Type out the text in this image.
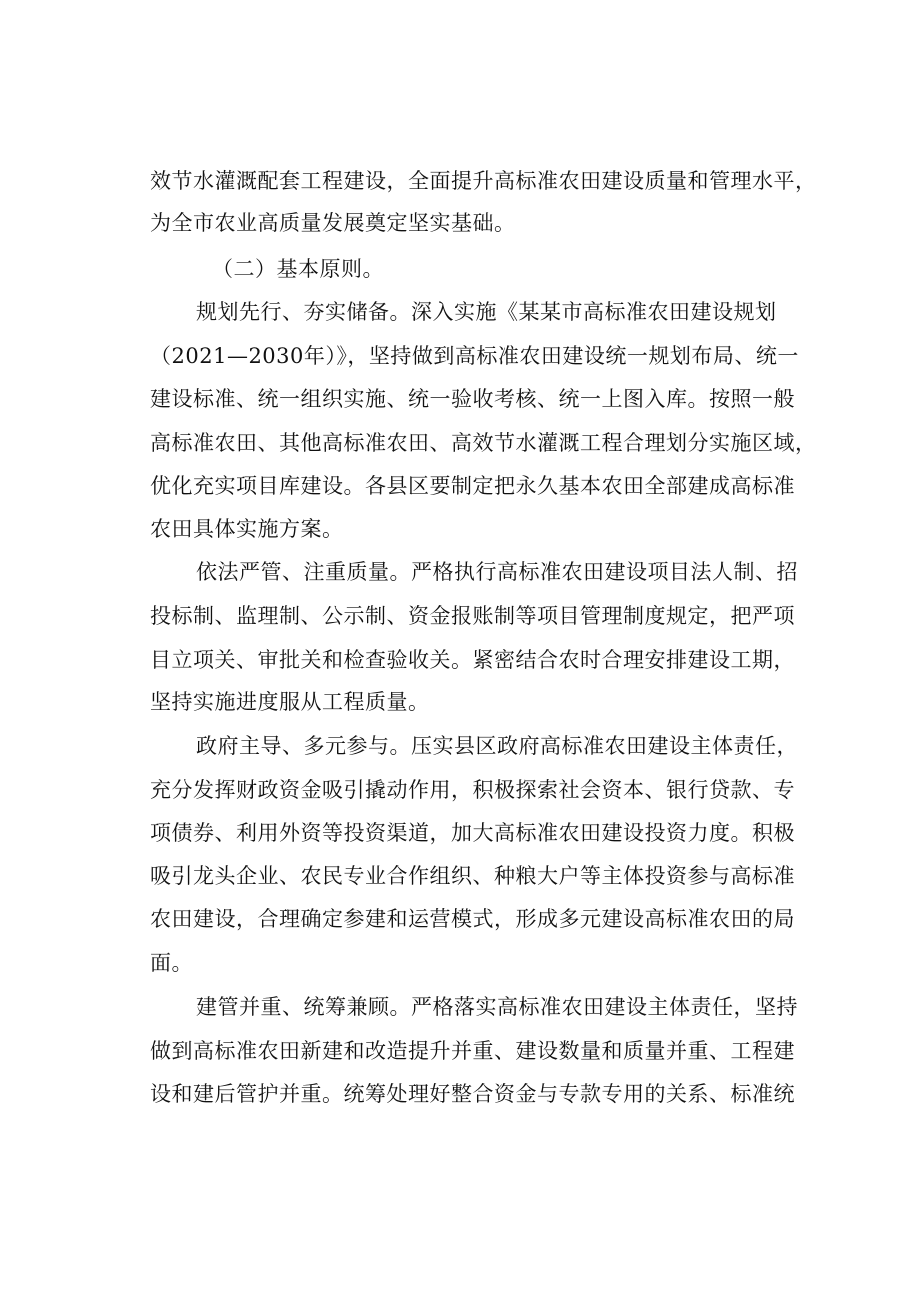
效节水灌溉配套工程建设，全面提升高标准农田建设质量和管理水平，
为全市农业高质量发展奠定坚实基础。
（二）基本原则。
规划先行、夯实储备。深入实施《某某市高标准农田建设规划
（2021—2030年）》，坚持做到高标准农田建设统一规划布局、统一
建设标准、统一组织实施、统一验收考核、统一上图入库。按照一般
高标准农田、其他高标准农田、高效节水灌溉工程合理划分实施区域，
优化充实项目库建设。各县区要制定把永久基本农田全部建成高标准
农田具体实施方案。
依法严管、注重质量。严格执行高标准农田建设项目法人制、招
投标制、监理制、公示制、资金报账制等项目管理制度规定，把严项
目立项关、审批关和检查验收关。紧密结合农时合理安排建设工期，
坚持实施进度服从工程质量。
政府主导、多元参与。压实县区政府高标准农田建设主体责任，
充分发挥财政资金吸引撬动作用，积极探索社会资本、银行贷款、专
项债券、利用外资等投资渠道，加大高标准农田建设投资力度。积极
吸引龙头企业、农民专业合作组织、种粮大户等主体投资参与高标准
农田建设，合理确定参建和运营模式，形成多元建设高标准农田的局
面。
建管并重、统筹兼顾。严格落实高标准农田建设主体责任，坚持
做到高标准农田新建和改造提升并重、建设数量和质量并重、工程建
设和建后管护并重。统筹处理好整合资金与专款专用的关系、标准统
